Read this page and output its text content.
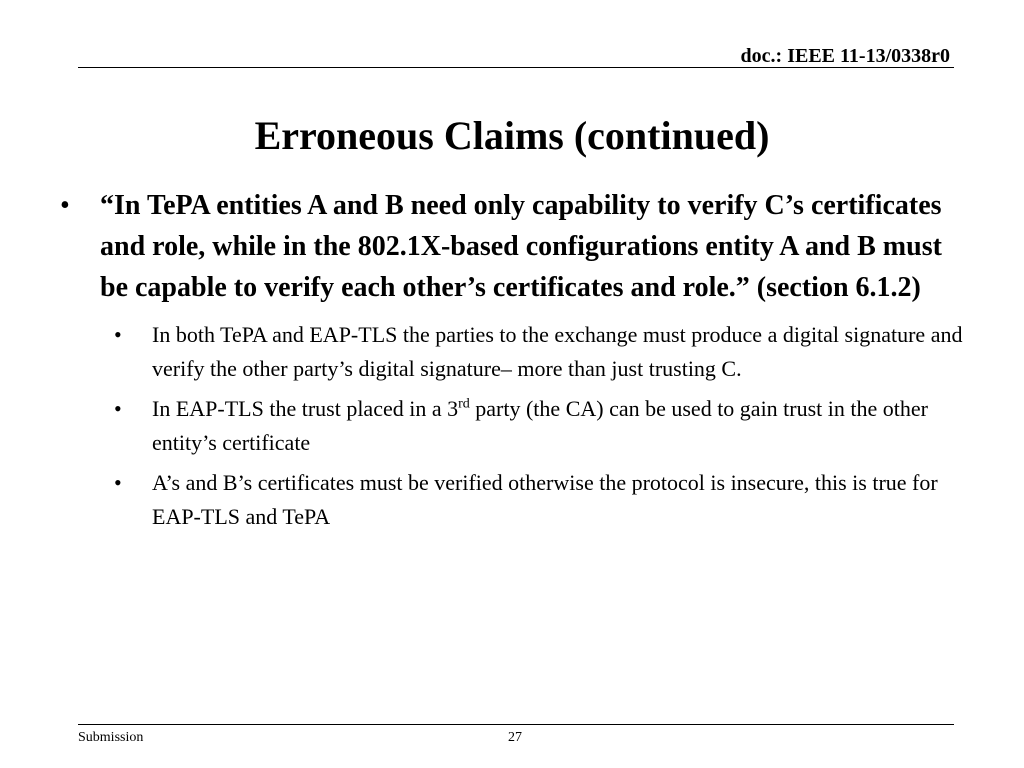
doc.: IEEE 11-13/0338r0
Erroneous Claims (continued)
• “In TePA entities A and B need only capability to verify C’s certificates and role, while in the 802.1X-based configurations entity A and B must be capable to verify each other’s certificates and role.” (section 6.1.2)
• In both TePA and EAP-TLS the parties to the exchange must produce a digital signature and verify the other party’s digital signature– more than just trusting C.
• In EAP-TLS the trust placed in a 3rd party (the CA) can be used to gain trust in the other entity’s certificate
• A’s and B’s certificates must be verified otherwise the protocol is insecure, this is true for EAP-TLS and TePA
Submission	27
